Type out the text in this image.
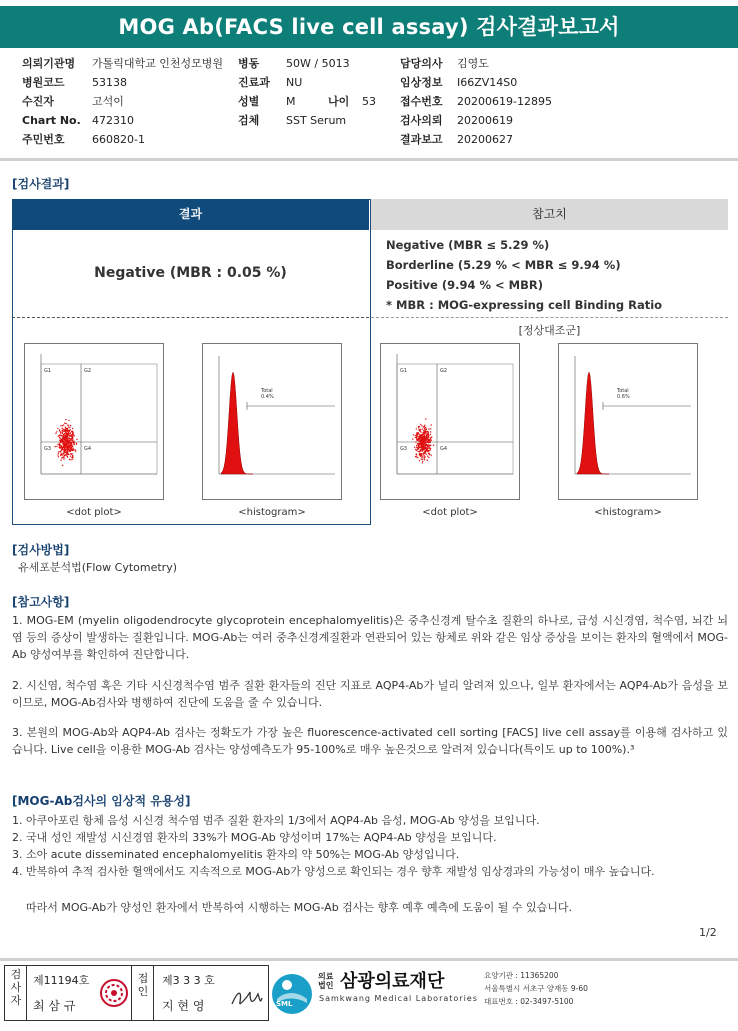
MOG Ab(FACS live cell assay) 검사결과보고서
의뢰기관명 가톨릭대학교 인천성모병원
병원코드 53138
수진자	고석이
Chart No. 472310
주민번호 660820-1
병동 50W / 5013
진료과 NU
성별 M	나이 53
검체 SST Serum
담당의사 김영도
임상정보 I66ZV14S0
접수번호 20200619-12895
검사의뢰 20200619
결과보고 20200627
[검사결과]
결과	참고치
Negative (MBR : 0.05 %)
Negative (MBR ≤ 5.29 %)
Borderline (5.29 % < MBR ≤ 9.94 %)
Positive (9.94 % < MBR)
* MBR : MOG-expressing cell Binding Ratio
[정상대조군]
G1	G2
G3	G4
<dot plot>
Total
0.4%
<histogram>
G1	G2
G3	G4
<dot plot>
Total
0.6%
<histogram>
[검사방법]
유세포분석법(Flow Cytometry)
[참고사항]
1. MOG-EM (myelin oligodendrocyte glycoprotein encephalomyelitis)은 중추신경계 탈수초 질환의 하나로, 급성 시신경염, 척수염, 뇌간 뇌염 등의 증상이 발생하는 질환입니다. MOG-Ab는 여러 중추신경계질환과 연관되어 있는 항체로 위와 같은 임상 증상을 보이는 환자의 혈액에서 MOG-Ab 양성여부를 확인하여 진단합니다.
2. 시신염, 척수염 혹은 기타 시신경척수염 범주 질환 환자들의 진단 지표로 AQP4-Ab가 널리 알려져 있으나, 일부 환자에서는 AQP4-Ab가 음성을 보이므로, MOG-Ab검사와 병행하여 진단에 도움을 줄 수 있습니다.
3. 본원의 MOG-Ab와 AQP4-Ab 검사는 정확도가 가장 높은 fluorescence-activated cell sorting [FACS] live cell assay를 이용해 검사하고 있습니다. Live cell을 이용한 MOG-Ab 검사는 양성예측도가 95-100%로 매우 높은것으로 알려져 있습니다(특이도 up to 100%).³
[MOG-Ab검사의 임상적 유용성]
1. 아쿠아포린 항체 음성 시신경 척수염 범주 질환 환자의 1/3에서 AQP4-Ab 음성, MOG-Ab 양성을 보입니다.
2. 국내 성인 재발성 시신경염 환자의 33%가 MOG-Ab 양성이며 17%는 AQP4-Ab 양성을 보입니다.
3. 소아 acute disseminated encephalomyelitis 환자의 약 50%는 MOG-Ab 양성입니다.
4. 반복하여 추적 검사한 혈액에서도 지속적으로 MOG-Ab가 양성으로 확인되는 경우 향후 재발성 임상경과의 가능성이 매우 높습니다.
따라서 MOG-Ab가 양성인 환자에서 반복하여 시행하는 MOG-Ab 검사는 향후 예후 예측에 도움이 될 수 있습니다.
1/2
검
사
자
제11194호
최 삼 규
접
인
제3 3 3 호
지 현 영	SML
의료
법인 삼광의료재단
Samkwang Medical Laboratories
요양기관 : 11365200
서울특별시 서초구 양재동 9-60
대표번호 : 02-3497-5100
